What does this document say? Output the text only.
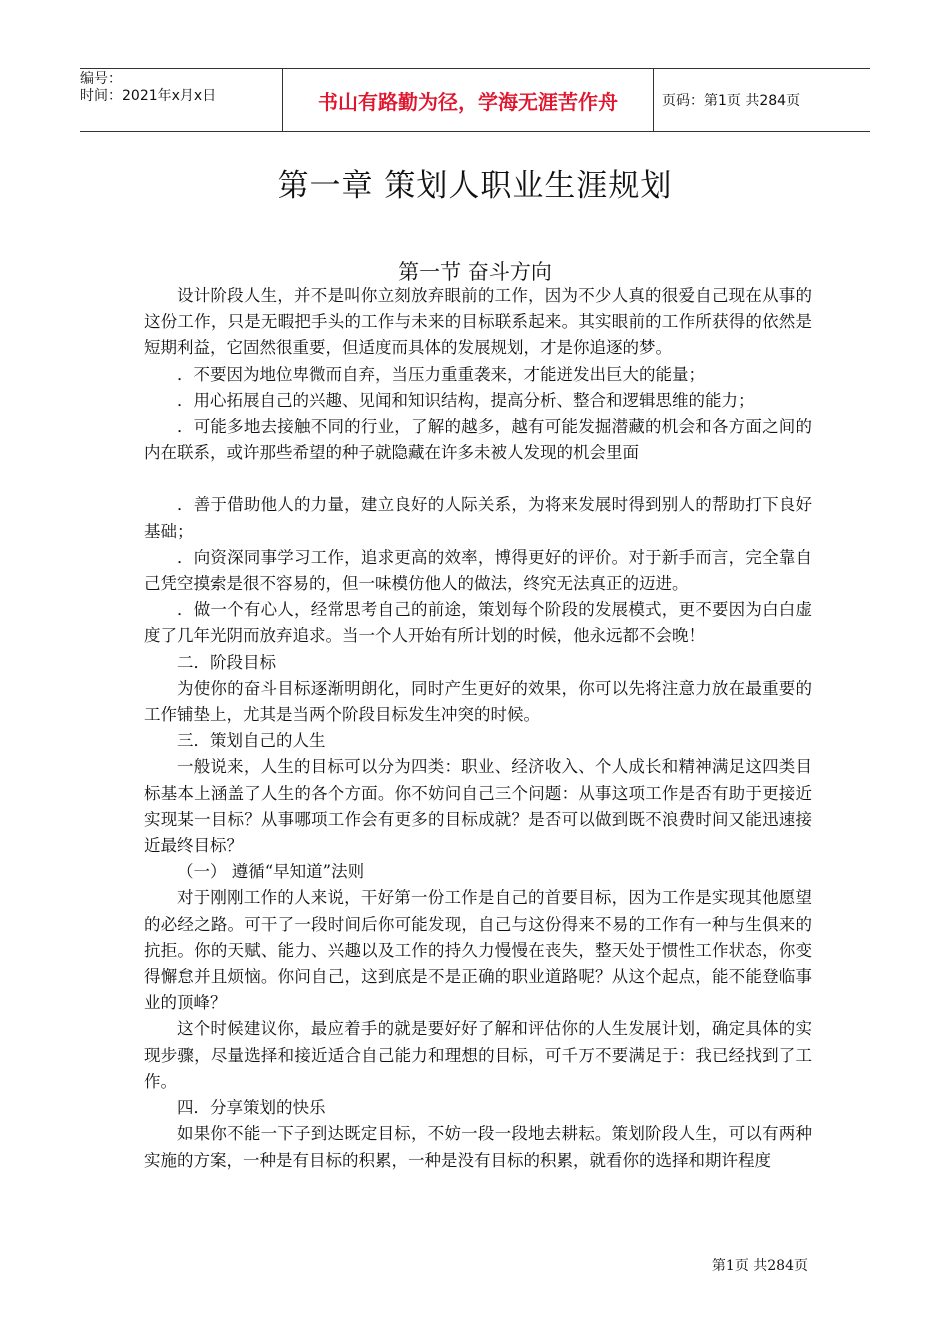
编号：
时间：2021年x月x日	书山有路勤为径，学海无涯苦作舟	页码：第1页 共284页
第一章 策划人职业生涯规划
第一节 奋斗方向

设计阶段人生，并不是叫你立刻放弃眼前的工作，因为不少人真的很爱自己现在从事的这份工作，只是无暇把手头的工作与未来的目标联系起来。其实眼前的工作所获得的依然是短期利益，它固然很重要，但适度而具体的发展规划，才是你追逐的梦。

．不要因为地位卑微而自弃，当压力重重袭来，才能迸发出巨大的能量；

．用心拓展自己的兴趣、见闻和知识结构，提高分析、整合和逻辑思维的能力；

．可能多地去接触不同的行业，了解的越多，越有可能发掘潜藏的机会和各方面之间的内在联系，或许那些希望的种子就隐藏在许多未被人发现的机会里面

．善于借助他人的力量，建立良好的人际关系，为将来发展时得到别人的帮助打下良好基础；

．向资深同事学习工作，追求更高的效率，博得更好的评价。对于新手而言，完全靠自己凭空摸索是很不容易的，但一味模仿他人的做法，终究无法真正的迈进。

．做一个有心人，经常思考自己的前途，策划每个阶段的发展模式，更不要因为白白虚度了几年光阴而放弃追求。当一个人开始有所计划的时候，他永远都不会晚！

二．阶段目标

为使你的奋斗目标逐渐明朗化，同时产生更好的效果，你可以先将注意力放在最重要的工作铺垫上，尤其是当两个阶段目标发生冲突的时候。

三．策划自己的人生

一般说来，人生的目标可以分为四类：职业、经济收入、个人成长和精神满足这四类目标基本上涵盖了人生的各个方面。你不妨问自己三个问题：从事这项工作是否有助于更接近实现某一目标？从事哪项工作会有更多的目标成就？是否可以做到既不浪费时间又能迅速接近最终目标？

（一） 遵循“早知道”法则

对于刚刚工作的人来说，干好第一份工作是自己的首要目标，因为工作是实现其他愿望的必经之路。可干了一段时间后你可能发现，自己与这份得来不易的工作有一种与生俱来的抗拒。你的天赋、能力、兴趣以及工作的持久力慢慢在丧失，整天处于惯性工作状态，你变得懈怠并且烦恼。你问自己，这到底是不是正确的职业道路呢？从这个起点，能不能登临事业的顶峰？

这个时候建议你，最应着手的就是要好好了解和评估你的人生发展计划，确定具体的实现步骤，尽量选择和接近适合自己能力和理想的目标，可千万不要满足于：我已经找到了工作。

四．分享策划的快乐

如果你不能一下子到达既定目标，不妨一段一段地去耕耘。策划阶段人生，可以有两种实施的方案，一种是有目标的积累，一种是没有目标的积累，就看你的选择和期许程度

第1页 共284页
